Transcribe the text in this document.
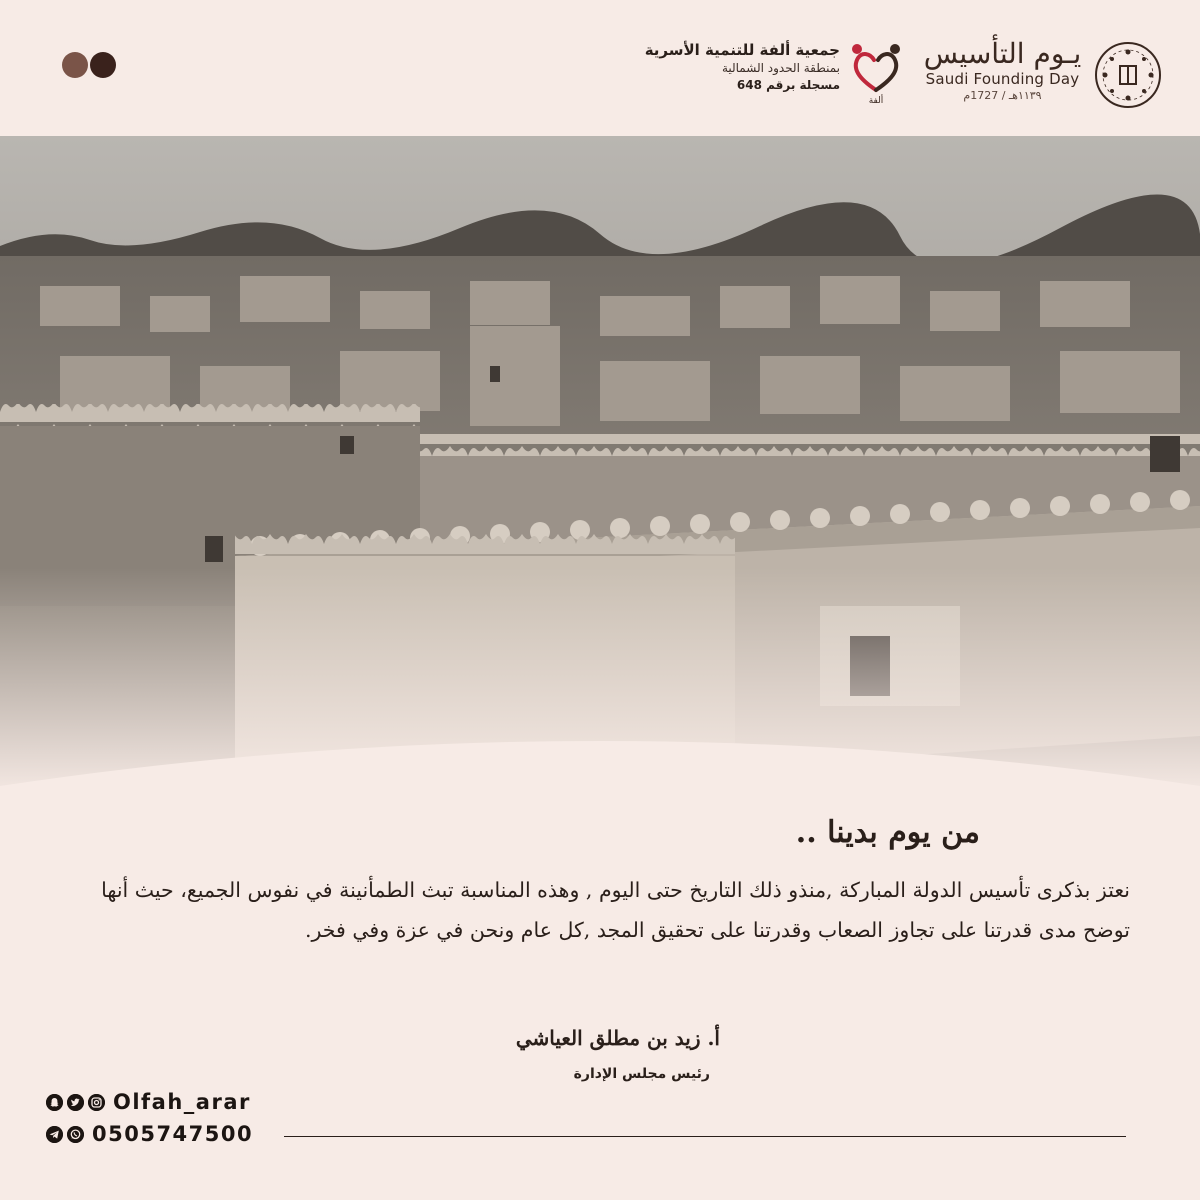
جمعية ألفة للتنمية الأسرية
بمنطقة الحدود الشمالية
مسجلة برقم 648
ألفة
يـوم التأسيس
Saudi Founding Day
١١٣٩هـ / 1727م
من يوم بدينا ..
نعتز بذكرى تأسيس الدولة المباركة ,منذو ذلك التاريخ حتى اليوم , وهذه المناسبة تبث الطمأنينة في نفوس الجميع، حيث أنها توضح مدى قدرتنا على تجاوز الصعاب وقدرتنا على تحقيق المجد ,كل عام ونحن في عزة وفي فخر.
أ. زيد بن مطلق العياشي
رئيس مجلس الإدارة
Olfah_arar
0505747500
